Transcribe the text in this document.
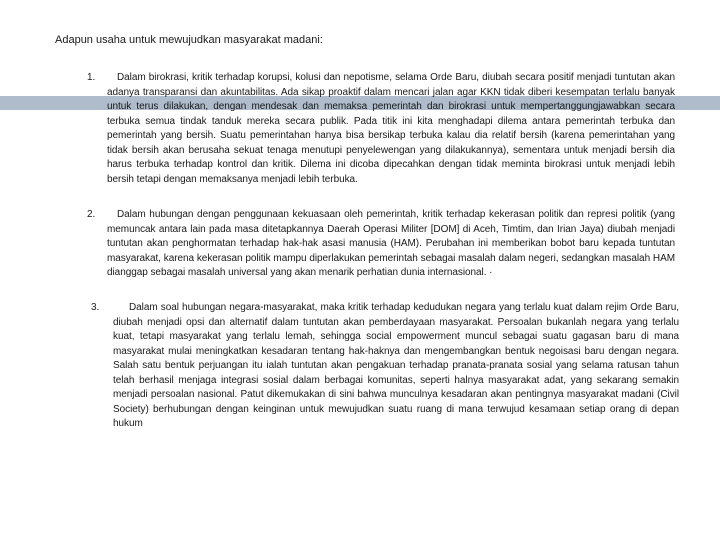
Adapun usaha untuk mewujudkan masyarakat madani:
1.	Dalam birokrasi, kritik terhadap korupsi, kolusi dan nepotisme, selama Orde Baru, diubah secara positif menjadi tuntutan akan adanya transparansi dan akuntabilitas. Ada sikap proaktif dalam mencari jalan agar KKN tidak diberi kesempatan terlalu banyak untuk terus dilakukan, dengan mendesak dan memaksa pemerintah dan birokrasi untuk mempertanggungjawabkan secara terbuka semua tindak tanduk mereka secara publik. Pada titik ini kita menghadapi dilema antara pemerintah terbuka dan pemerintah yang bersih. Suatu pemerintahan hanya bisa bersikap terbuka kalau dia relatif bersih (karena pemerintahan yang tidak bersih akan berusaha sekuat tenaga menutupi penyelewengan yang dilakukannya), sementara untuk menjadi bersih dia harus terbuka terhadap kontrol dan kritik. Dilema ini dicoba dipecahkan dengan tidak meminta birokrasi untuk menjadi lebih bersih tetapi dengan memaksanya menjadi lebih terbuka.
2.	Dalam hubungan dengan penggunaan kekuasaan oleh pemerintah, kritik terhadap kekerasan politik dan represi politik (yang memuncak antara lain pada masa ditetapkannya Daerah Operasi Militer [DOM] di Aceh, Timtim, dan Irian Jaya) diubah menjadi tuntutan akan penghormatan terhadap hak-hak asasi manusia (HAM). Perubahan ini memberikan bobot baru kepada tuntutan masyarakat, karena kekerasan politik mampu diperlakukan pemerintah sebagai masalah dalam negeri, sedangkan masalah HAM dianggap sebagai masalah universal yang akan menarik perhatian dunia internasional. ·
3.	Dalam soal hubungan negara-masyarakat, maka kritik terhadap kedudukan negara yang terlalu kuat dalam rejim Orde Baru, diubah menjadi opsi dan alternatif dalam tuntutan akan pemberdayaan masyarakat. Persoalan bukanlah negara yang terlalu kuat, tetapi masyarakat yang terlalu lemah, sehingga social empowerment muncul sebagai suatu gagasan baru di mana masyarakat mulai meningkatkan kesadaran tentang hak-haknya dan mengembangkan bentuk negoisasi baru dengan negara. Salah satu bentuk perjuangan itu ialah tuntutan akan pengakuan terhadap pranata-pranata sosial yang selama ratusan tahun telah berhasil menjaga integrasi sosial dalam berbagai komunitas, seperti halnya masyarakat adat, yang sekarang semakin menjadi persoalan nasional. Patut dikemukakan di sini bahwa munculnya kesadaran akan pentingnya masyarakat madani (Civil Society) berhubungan dengan keinginan untuk mewujudkan suatu ruang di mana terwujud kesamaan setiap orang di depan hukum
